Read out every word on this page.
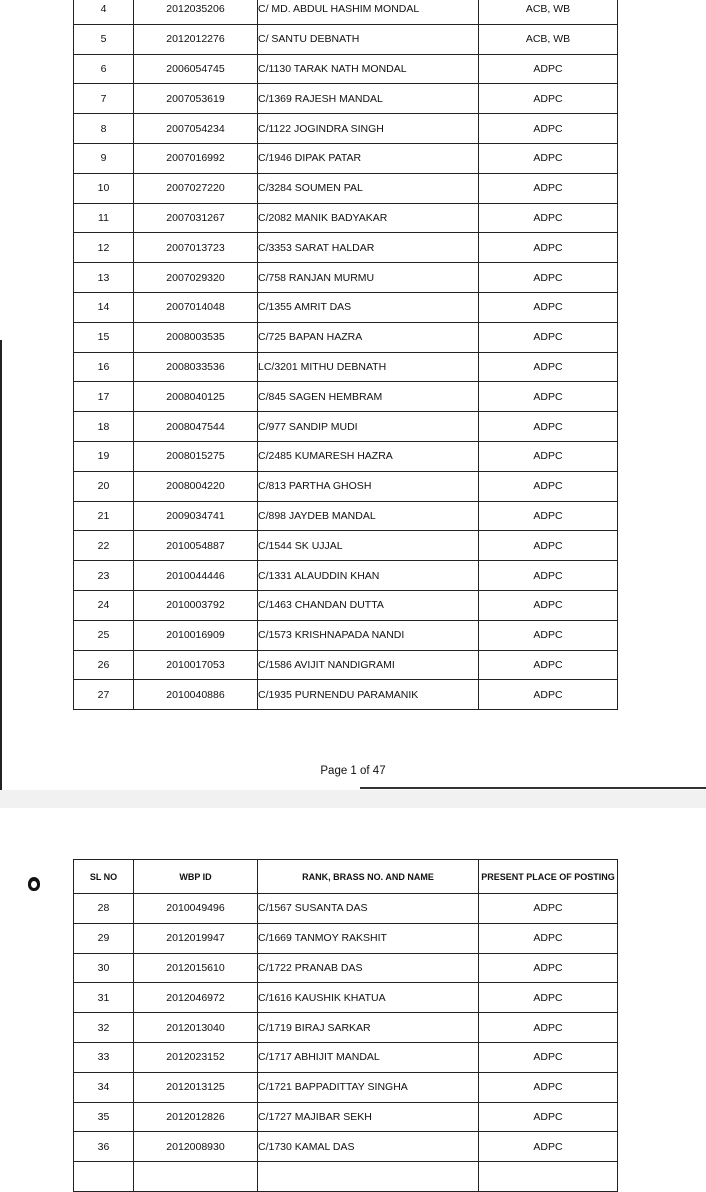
4	2012035206	C/ MD. ABDUL HASHIM MONDAL	ACB, WB
5	2012012276	C/ SANTU DEBNATH	ACB, WB
6	2006054745	C/1130 TARAK NATH MONDAL	ADPC
7	2007053619	C/1369 RAJESH MANDAL	ADPC
8	2007054234	C/1122 JOGINDRA SINGH	ADPC
9	2007016992	C/1946 DIPAK PATAR	ADPC
10	2007027220	C/3284 SOUMEN PAL	ADPC
11	2007031267	C/2082 MANIK BADYAKAR	ADPC
12	2007013723	C/3353 SARAT HALDAR	ADPC
13	2007029320	C/758 RANJAN MURMU	ADPC
14	2007014048	C/1355 AMRIT DAS	ADPC
15	2008003535	C/725 BAPAN HAZRA	ADPC
16	2008033536	LC/3201 MITHU DEBNATH	ADPC
17	2008040125	C/845 SAGEN HEMBRAM	ADPC
18	2008047544	C/977 SANDIP MUDI	ADPC
19	2008015275	C/2485 KUMARESH HAZRA	ADPC
20	2008004220	C/813 PARTHA GHOSH	ADPC
21	2009034741	C/898 JAYDEB MANDAL	ADPC
22	2010054887	C/1544 SK UJJAL	ADPC
23	2010044446	C/1331 ALAUDDIN KHAN	ADPC
24	2010003792	C/1463 CHANDAN DUTTA	ADPC
25	2010016909	C/1573 KRISHNAPADA NANDI	ADPC
26	2010017053	C/1586 AVIJIT NANDIGRAMI	ADPC
27	2010040886	C/1935 PURNENDU PARAMANIK	ADPC
Page 1 of 47
SL NO	WBP ID	RANK, BRASS NO. AND NAME	PRESENT PLACE OF POSTING
28	2010049496	C/1567 SUSANTA DAS	ADPC
29	2012019947	C/1669 TANMOY RAKSHIT	ADPC
30	2012015610	C/1722 PRANAB DAS	ADPC
31	2012046972	C/1616 KAUSHIK KHATUA	ADPC
32	2012013040	C/1719 BIRAJ SARKAR	ADPC
33	2012023152	C/1717 ABHIJIT MANDAL	ADPC
34	2012013125	C/1721 BAPPADITTAY SINGHA	ADPC
35	2012012826	C/1727 MAJIBAR SEKH	ADPC
36	2012008930	C/1730 KAMAL DAS	ADPC
